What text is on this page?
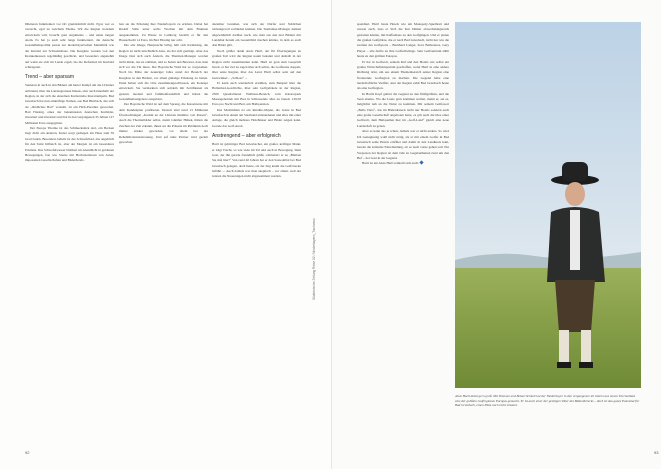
Diktieren funktioniert vor Ort grundsätzlich nicht. Egal, wer es versucht, egal zu welchem Thema. Wir die Region trotzdem entwickeln will, braucht gute Argumente – und einen langen Atem. Es hat ja auch sehr lange funktioniert, die deutsche Gesundheitspolitik passte zur niederbayerischen Mentalität wie der Knödel zur Schweinshaxe. Die Kurgäste wurden von den Krankenkassen regelmäßig geschickt, und besonders angenehm auf wenn sie sich im Lande ergab, bis die Reformen im Kurland schnappten.

Trend – aber sparsam

Sanieren in auch in den Bädern am harter Kampf um die Urlauber entbrannt, über die Landesgrenzen hinaus, aber auch innerhalb der Region, in der sich die einzelnen Kurbetriebe überstrampeln. Bad Griesbach hat nun einkräftige Namen, aus Bad Birnbach, das sich als „ländliches Bad“ versteht, ist ein FKK-Paradies geworden. Bad Füssing, eines der bekanntesten deutschen Kurbäder, investiert und investiert und hat in den vergangenen 35 Jahren 127 Millionen Euro ausgegeben.

Der Europa Therme ist das Schmuckstück dort, ein Becken liegt dicht am anderen, Kunst sorgt gediegen am Haus zum 39 Grad baden. Besonders beliebt ist das Schwefelbad, das angeblich für den Teint hilfreich ist, aber der Morgen ist ein besonderes Erlebnis. Das Schwefelwasser blubbert im Abendlicht in goldenen Bewegungen, fast wie Sterne mit Herbstzeitlosen von Arten, imposanten Gesellschaften und Bäderhotels.

ben sie die Erholung hier Niederbayern zu erleben. Dabei hat Rudolf Sölle unter sechs Wochen mit dem Brunnen ausgekommen. Zu Hause in Lamberg bezahlt er für den Hausschacht 14 Euro, im Bad Füssing nur acht.

Die alte Image, Hauptsache billig, hält sich hartnäckig, die Region ist nicht unschädlich dazu, sie hat sich genötigt. Aber das Image lässt sich auch Ändern, die Thermen-Manager werden nicht müde, das zu erklären, und so haben den Bewusst, dass man sich vor die Tür muss. Der Bayerische Wald hat so vorgesehen. Noch bis Mitte der neunziger Jahre stand der Bereich der Kurgäste in den Bädern, vor allem günstige Erholung zu bieten. Dann haben sich die Orte zusammengeschlossen, ein Konzept entwickelt. Sie vermarkten sich seitdem mit Zertifikaten als gesund, modern und familienfreundlich und haben die Gesundheitsangebote ausgebaut.

Der Bayerische Wald ist auf dem Sprung, die Kurortnetze mit dem Kundenplan profitieren. Derzeit sind rund 13 Millionen Übernachtungen „Komm an der Unteren Innmitte von Passau“. Auch die Thermalbäder selbst, meint Günther Hübek, hätten die Zeichen der Zeit erkannt, ihnen sei die Präsenz im Publikum doch immer stärker geworden, vor allem bei der Rehabilitationsbetreuung. Und auf nahe Partner wird gezielt geworben.

dazuüber bestehen, wie sich der Dörfer und Städtchen wirkungsvoll verbinden können. Die Tourismus-Manager denken ungewöhnlich darüber nach, wie man aus den drei Bädern mit Landshut herum ein Gesamtbild machen könnte, in dem es auch drei Bäder gibt.

Noch größer denkt Alois Hartl, der für Überlegungen zu großen Teil wird die Region kaum bekannt und deshalb in der Region nicht zusammentun kann. Hartl ist gern zum Gespräch bereit, er hat viel zu sagen über sich selbst, die Golfszene doppelt, über seine Region, über das Land. Hartl selbst setzt auf den Gutswinkel – „Schloss“ ...

Er kann auch wunderlich erzählen, zum Beispiel über die Hallenbad-Geschichte, über sein Golfgebäude in der Region, 2500 Quadratmeter Wellness-Bereich, vom Klosterpark Massagebetrieb mit Bad in Schlossende alles zu bieten: 129,50 Euro pro Nacht und Bett, um Halbpension.

Das Maximilian ist ein Rendite-Objekt, die Gäste in Bad Griesbach in einem am Stadtrand entstandenen und alles mit einer Anlage, die gleich mehrere Holzhäuser und Bäder zeigen kann. Gerade das Golf-Areal.

Anstrengend – aber erfolgreich

Hartl ist gebürtiger Bad Griesbacher, ein großer, kräftiger Mann, er trägt Tracht, so wie viele im Tal und auch in Bewegung. Dem Gast, der ihn gerade freundlich grüßt, schmettert er zu „Bleiben Sie mal hier!“ Von rund 40 Jahren hat er den Sauwohltal bei Bad Griesbach gelegen, doch heute, als der Zug kaum die Golfstrecke befährt ... Auch damals war man skeptisch – vor allem, weil der Gästen die Neuerungen nicht abgenommen wurden.

Süddeutsche Zeitung Reise 02 / Niederbayern_Tourismus
92

spendiert. Hartl baute Hotels wie am Monopoly-Spielbrett und wusste auch, dass er Sich die Kur Dinner abwechslungsreich gestalten könnte, mit Kaffeehaus zu den Golfgängen. Und er plante die großen Golfplätze, die er nach Bad Griesbach, nicht nur wie die Großen des Golfsports – Bernhard Langer, Seve Ballesteros, Gary Player – alle durfte an ihre Golfschwünge. Sein Golfzentrum zählt heute zu den größten Europas.

Er hat in Golfwelt, seinem Ruf und den Hotels wie selbst ein großes Wirtschaftsimperium geschaffen, wenn Hartl in eine andere Richtung tickt, um aus einem Themenbereich seiner Region eine florierende Golfregion zu machen. Die Gegend habe eine landschaftliche Vielfalt, aber der Region zahlt Bad Griesbach heute als eine Golfregion.

In Hartls Kopf gehört die Gegend zu den fünftgrößten, und die Seen ebenso. Wo die Leute gern kommen wollen, meint er, sei es, möglichst nah an die Natur zu kommen. Mit seinem Golfresort „Bella Vista“, das im Bäderdreieck nicht nur Hotels sondern auch eine große Gesellschaft angeboten hatte, es gilt auch die Idee einer Golfwelt, dem Heilquellen hier im „Golf-Land“ gleich eine neue Landschaft zu geben.

Aber es kann das ja schon, damals war er nicht anders. So wird Ich Genugtuung wohl nicht nötig, als er mit einem Golfer in Bad Griesbach seine Hotels eröffnet und damit in den Landkreis kam, bereits die kritische Entscheidung, ob es nach vorne gehen soll. Ein Vorposten der Region ist dem Jahr zu Gegebenheiten rund um den Hof – der Gast in der Gegend.

Hartl ist ein Alois Hartl reinteilt sich auch.

Alois Hartl denkt gern groß. Mit Visionen und Beharrlichkeit hat der Niederbayer in den vergangenen 40 Jahren aus einem Thermalbad eine der größten Golfregionen Europas gemacht. Er ist auch einer der geistigen Väter des Bäderdreiecks – doch ist das ganze Potenzial für Bad Griesbach, einen Platz noch nicht erkannt.
93
